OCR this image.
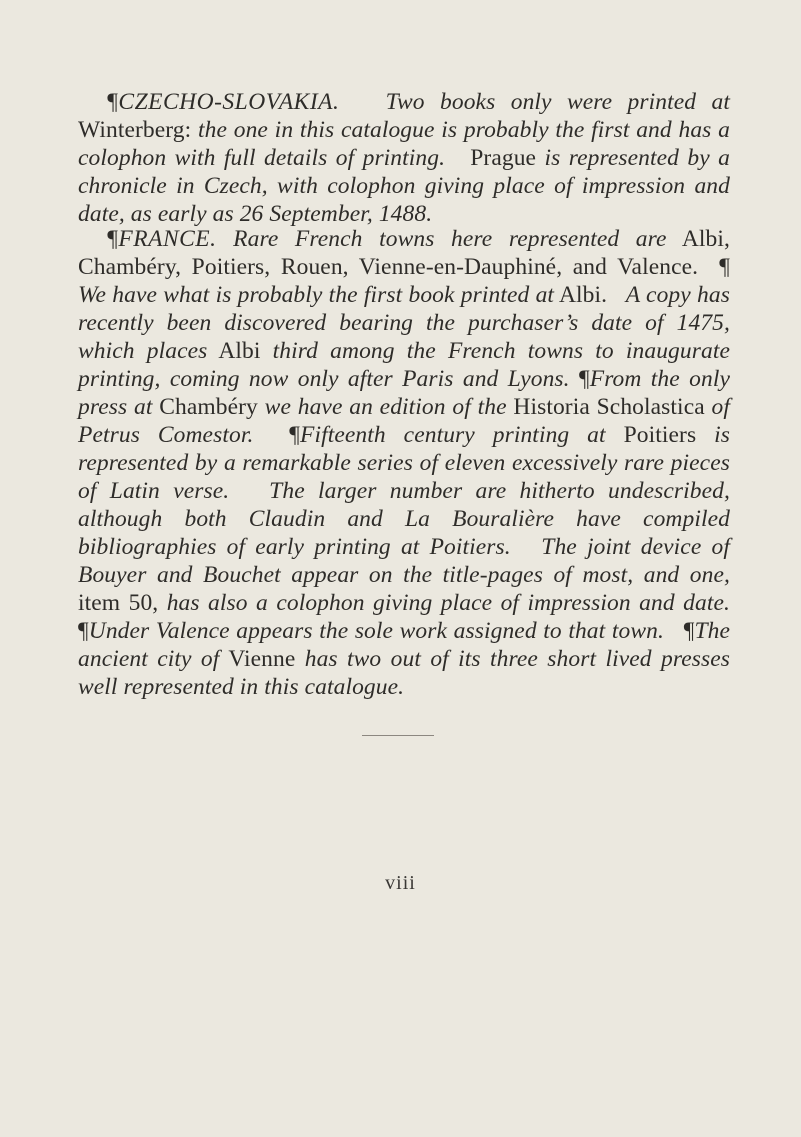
¶CZECHO-SLOVAKIA. Two books only were printed at Winterberg: the one in this catalogue is probably the first and has a colophon with full details of printing. Prague is represented by a chronicle in Czech, with colophon giving place of impression and date, as early as 26 September, 1488.

¶FRANCE. Rare French towns here represented are Albi, Chambéry, Poitiers, Rouen, Vienne-en-Dauphiné, and Valence. ¶ We have what is probably the first book printed at Albi. A copy has recently been discovered bearing the purchaser’s date of 1475, which places Albi third among the French towns to inaugurate printing, coming now only after Paris and Lyons. ¶From the only press at Chambéry we have an edition of the Historia Scholastica of Petrus Comestor. ¶Fifteenth century printing at Poitiers is represented by a remarkable series of eleven excessively rare pieces of Latin verse. The larger number are hitherto undescribed, although both Claudin and La Bouralière have compiled bibliographies of early printing at Poitiers. The joint device of Bouyer and Bouchet appear on the title-pages of most, and one, item 50, has also a colophon giving place of impression and date. ¶Under Valence appears the sole work assigned to that town. ¶The ancient city of Vienne has two out of its three short lived presses well represented in this catalogue.

viii
